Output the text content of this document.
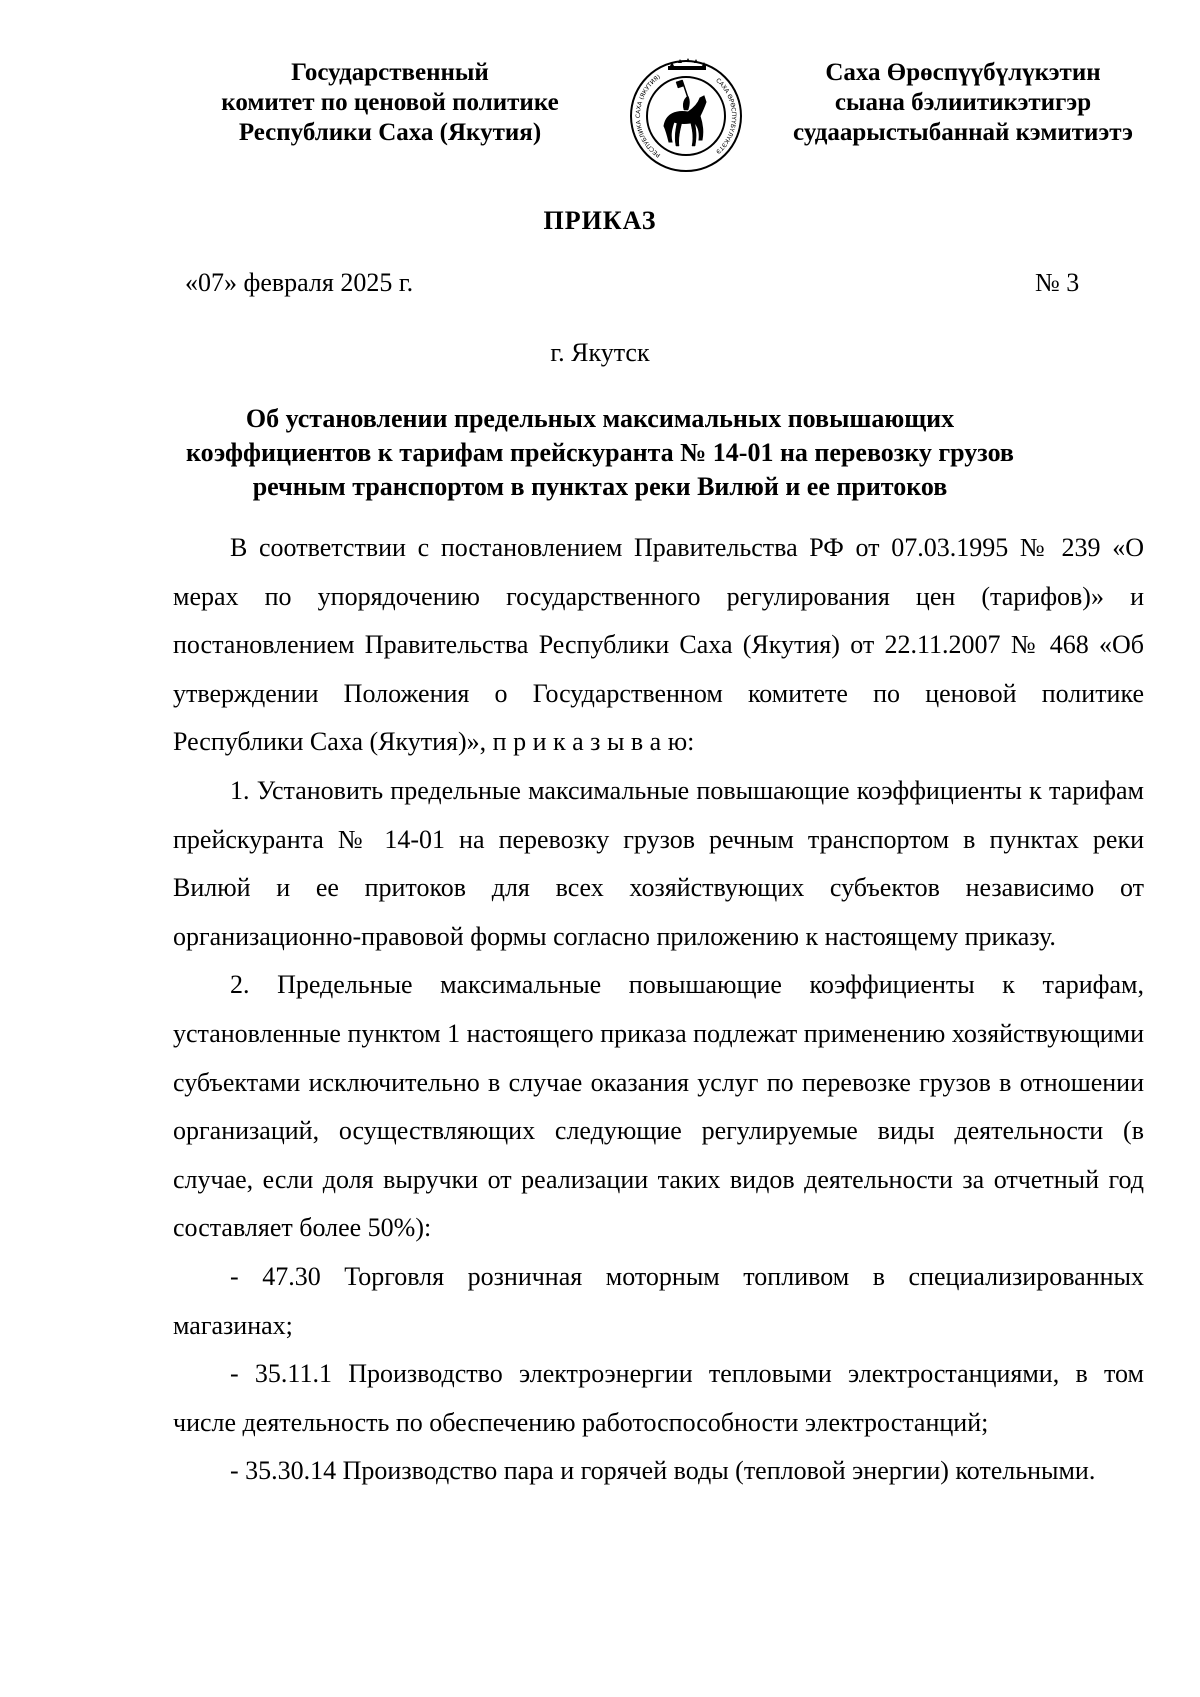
Государственный
комитет по ценовой политике
Республики Саха (Якутия)
РЕСПУБЛИКА САХА (ЯКУТИЯ)
САХА ӨРӨСПҮҮБҮЛҮКЭТЭ
Саха Өрөспүүбүлүкэтин
сыана бэлиитикэтигэр
судаарыстыбаннай кэмитиэтэ
ПРИКАЗ
«07» февраля 2025 г.	№ 3
г. Якутск
Об установлении предельных максимальных повышающих
коэффициентов к тарифам прейскуранта № 14-01 на перевозку грузов
речным транспортом в пунктах реки Вилюй и ее притоков

В соответствии с постановлением Правительства РФ от 07.03.1995 № 239 «О мерах по упорядочению государственного регулирования цен (тарифов)» и постановлением Правительства Республики Саха (Якутия) от 22.11.2007 № 468 «Об утверждении Положения о Государственном комитете по ценовой политике Республики Саха (Якутия)», п р и к а з ы в а ю:

1. Установить предельные максимальные повышающие коэффициенты к тарифам прейскуранта № 14-01 на перевозку грузов речным транспортом в пунктах реки Вилюй и ее притоков для всех хозяйствующих субъектов независимо от организационно-правовой формы согласно приложению к настоящему приказу.

2. Предельные максимальные повышающие коэффициенты к тарифам, установленные пунктом 1 настоящего приказа подлежат применению хозяйствующими субъектами исключительно в случае оказания услуг по перевозке грузов в отношении организаций, осуществляющих следующие регулируемые виды деятельности (в случае, если доля выручки от реализации таких видов деятельности за отчетный год составляет более 50%):

- 47.30 Торговля розничная моторным топливом в специализированных магазинах;

- 35.11.1 Производство электроэнергии тепловыми электростанциями, в том числе деятельность по обеспечению работоспособности электростанций;

- 35.30.14 Производство пара и горячей воды (тепловой энергии) котельными.
